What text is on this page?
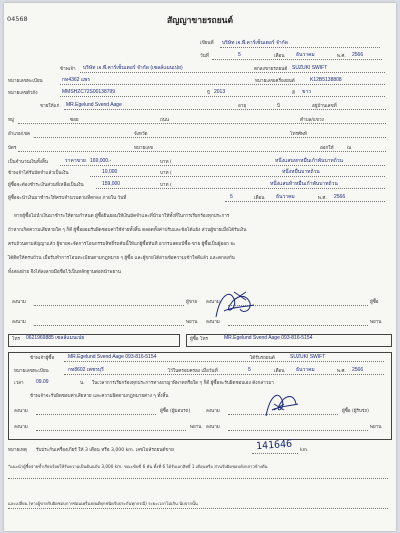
04568	สัญญาขายรถยนต์
เขียนที่ บริษัท เจ.พี.คาร์เซ็นเตอร์ จำกัด
วันที่	5	เดือน ธันวาคม	พ.ศ. 2566
ข้าพเจ้า บริษัท เจ.พี.คาร์เซ็นเตอร์ จำกัด (เซลล์แมนเปย)	ตกลงขายรถยนต์ SUZUKI SWIFT
หมายเลขทะเบียน	กท4362 แพร	หมายเลขเครื่องยนต์	K12B5138808
หมายเลขตัวถัง	MMSHZC72S00138799	ปี 2013	สี ขาว
ขายให้แก่ MR.Egelund Svend Aage	อายุ	ปี	อยู่บ้านเลขที่
หมู่	ซอย	ถนน	ตำบล/แขวง
อำเภอ/เขต	จังหวัด	โทรศัพท์
บัตร	หมายเลข	ออกให้	ณ
เป็นจำนวนเงินทั้งสิ้น	ราคาขาย 169,000.-	บาท (	หนึ่งแสนหกหมื่นเก้าพันบาทถ้วน
ข้าพเจ้าได้รับมัดจำแล้วเป็นเงิน	10,000	บาท (	หนึ่งหมื่นบาทถ้วน
ผู้ซื้อจะต้องชำระเงินส่วนที่เหลือเป็นเงิน	159,000	บาท (	หนึ่งแสนห้าหมื่นเก้าพันบาทถ้วน
ผู้ซื้อจะนำเงินมาชำระให้ครบจำนวนตามที่ตกลง ภายใน วันที่	5	เดือน ธันวาคม	พ.ศ. 2566
หากผู้ซื้อไม่นำเงินมาชำระให้ตามกำหนด ผู้ซื้อยินยอมให้เงินมัดจำและที่นำมาให้ทั้งที่ในการเรียกร้องทุกประการ
ถ้าหากเกิดความเสียหายใด ๆ ก็ดี ผู้ซื้อยอมรับผิดชอบค่าใช้จ่ายทั้งสิ้น ตลอดทั้งค่าปรับและข้อโต้แย้ง ส่วนผู้ขายเมื่อได้รับเงิน
ครบถ้วนตามสัญญาแล้ว ผู้ขายจะจัดการโอนกรรมสิทธิ์รถคันนี้ให้แก่ผู้ซื้อทันที อากรแสตมป์ซื้อ-ขาย ผู้ซื้อเป็นผู้ออก จะ
ได้ติดให้ครบถ้วน เมื่อรับทำการโอนทะเบียนตามกฎหมาย ๆ ผู้ซื้อ และผู้ขายได้อ่านข้อความเข้าใจดีแล้ว และตกลงกัน
ทั้งสองฝ่าย จึงได้ลงลายมือชื่อไว้เป็นหลักฐานต่อหน้าพยาน
ลงนาม	ผู้ขาย ลงนาม	ผู้ซื้อ
ลงนาม	พยาน ลงนาม	พยาน
โทร 0621969885 เซลล์แมนเปย	ผู้ซื้อ โทร	MR.Egelund Svend Aage 093-816-5154
ข้าพเจ้าผู้ซื้อ	MR.Egelund Svend Aage 093-816-5154	ได้รับรถยนต์	SUZUKI SWIFT
หมายเลขทะเบียน	กท8602 เพชรบุรี	ไว้ในครอบครอง เมื่อวันที่	5	เดือน ธันวาคม	พ.ศ. 2566
เวลา 09.09	น. ในเวลาการเรียกร้องทุกประการทางอาญาพิพาทหรือใด ๆ ก็ดี ผู้ซื้อจะรับผิดชอบเอง ดังกล่าวมา
ข้าพเจ้าจะรับผิดชอบค่าเสียหาย และความผิดตามกฎหมายต่าง ๆ ทั้งสิ้น
ลงนาม	ผู้ซื้อ (ผู้มอบรถ)	ลงนาม	ผู้ซื้อ (ผู้รับรถ)
ลงนาม	พยาน ลงนาม	พยาน
หมายเหตุ รับประกันเครื่องเกียร์ ให้ 3 เดือน หรือ 3,000 km. เลขไมล์รถยนต์ขาย	141646 km.
*แนะนำผู้ซื้อจ่ายซ้ำเรียบร้อยให้รับความเป็นต้นฉบับ 3,000 km. ขณะขับขี่ 6 คัน ตั้งที่ 6 ได้รับเอกสิทธิ์ 1 เดือนหรือ ส่วนรับผิดชอบดังกล่าวข้างต้น
และเปลี่ยน (ทางผู้ขายรับผิดชอบการซ่อมเครื่องยนต์ทุกชนิดรับประกันทุกกรณี) ระยะเวลาไม่เกิน นับจากนั้น
